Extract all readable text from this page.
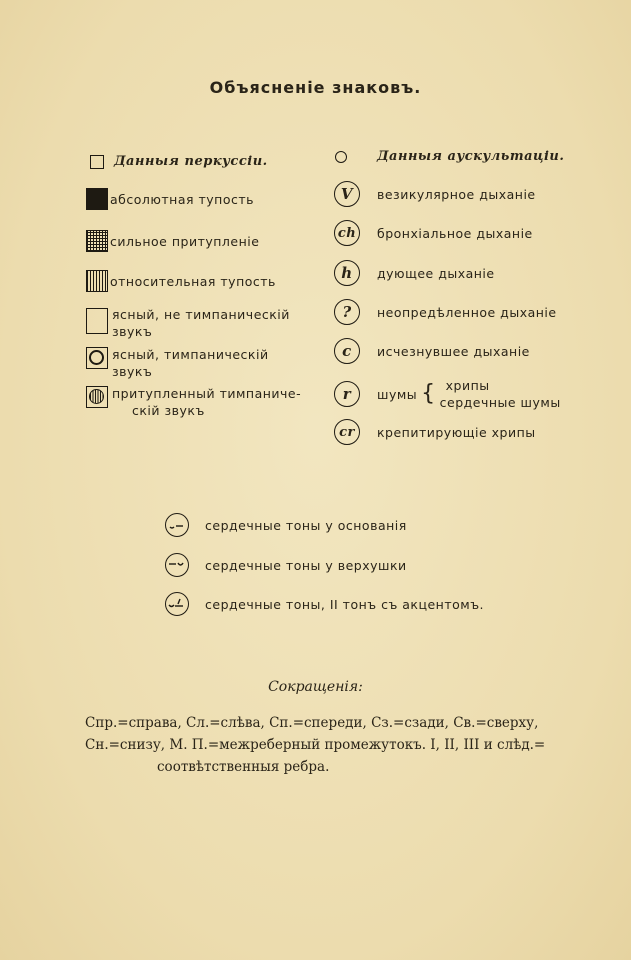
Объясненіе знаковъ.
Данныя перкуссіи.
абсолютная тупость
сильное притупленіе
относительная тупость
ясный, не тимпаническій
звукъ
ясный, тимпаническій
звукъ
притупленный тимпаниче-
скій звукъ
Данныя аускультаціи.
V	везикулярное дыханіе
ch	бронхіальное дыханіе
h	дующее дыханіе
?	неопредѣленное дыханіе
c	исчезнувшее дыханіе
r	шумы { хрипы
сердечные шумы
cr	крепитирующіе хрипы
сердечные тоны у основанія
сердечные тоны у верхушки
сердечные тоны, II тонъ съ акцентомъ.
Сокращенія:
Спр.=справа, Сл.=слѣва, Сп.=спереди, Сз.=сзади, Св.=сверху,
Сн.=снизу, М. П.=межреберный промежутокъ. I, II, III и слѣд.=
соотвѣтственныя ребра.
